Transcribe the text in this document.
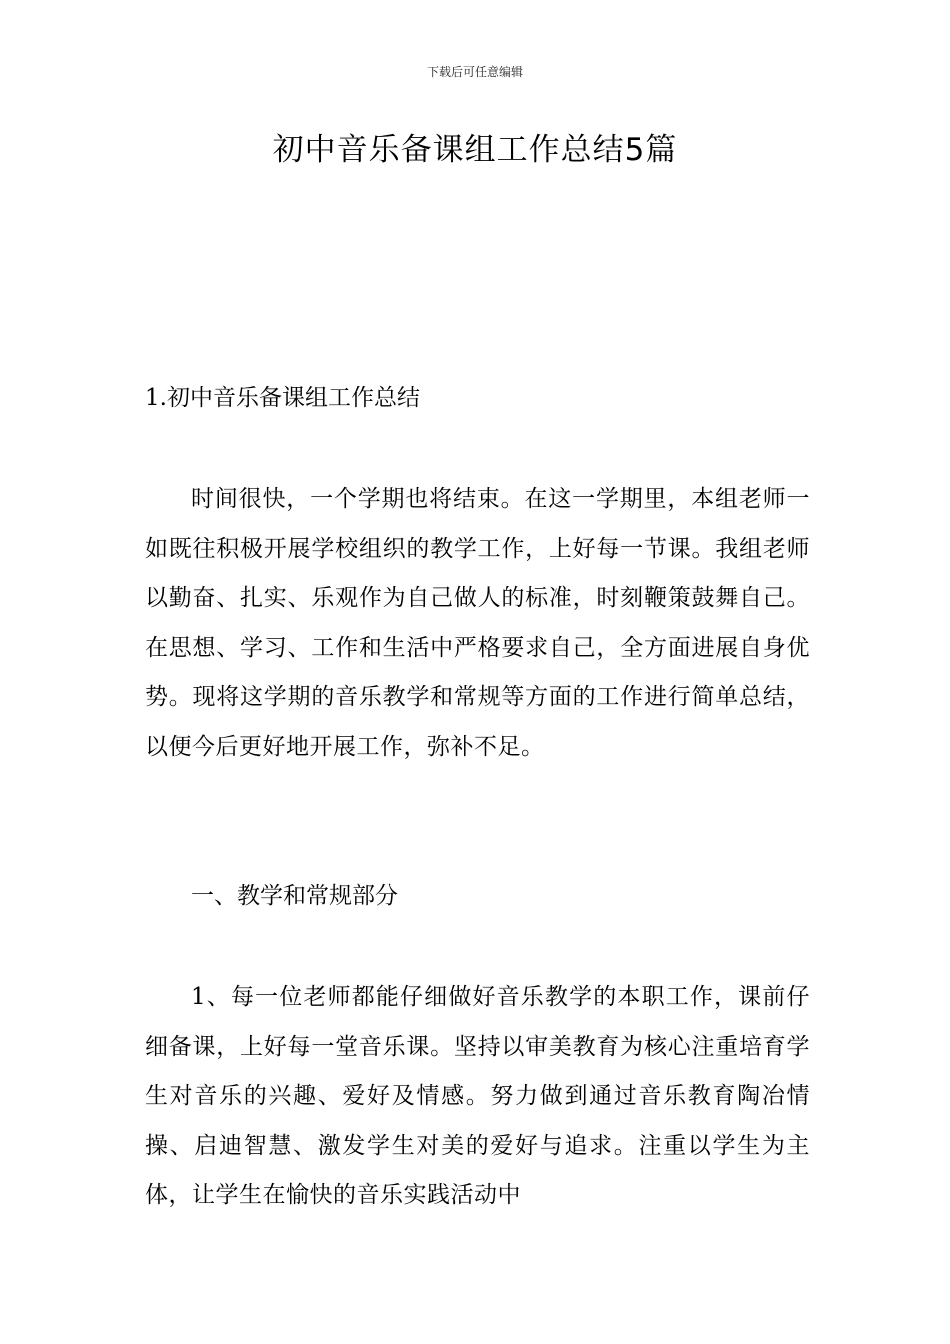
下载后可任意编辑
初中音乐备课组工作总结5篇
1.初中音乐备课组工作总结

时间很快，一个学期也将结束。在这一学期里，本组老师一如既往积极开展学校组织的教学工作，上好每一节课。我组老师以勤奋、扎实、乐观作为自己做人的标准，时刻鞭策鼓舞自己。在思想、学习、工作和生活中严格要求自己，全方面进展自身优势。现将这学期的音乐教学和常规等方面的工作进行简单总结，以便今后更好地开展工作，弥补不足。

一、教学和常规部分

1、每一位老师都能仔细做好音乐教学的本职工作，课前仔细备课，上好每一堂音乐课。坚持以审美教育为核心注重培育学生对音乐的兴趣、爱好及情感。努力做到通过音乐教育陶冶情操、启迪智慧、激发学生对美的爱好与追求。注重以学生为主体，让学生在愉快的音乐实践活动中
